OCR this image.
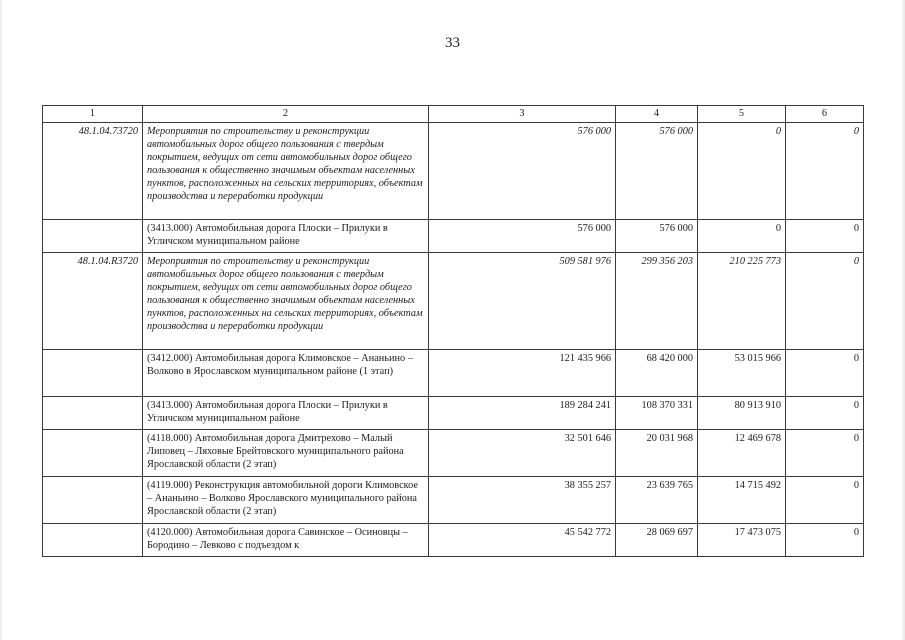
33
1	2	3	4	5	6
48.1.04.73720	Мероприятия по строительству и реконструкции автомобильных дорог общего пользования с твердым покрытием, ведущих от сети автомобильных дорог общего пользования к общественно значимым объектам населенных пунктов, расположенных на сельских территориях, объектам производства и переработки продукции	576 000	576 000	0	0
	(3413.000) Автомобильная дорога Плоски – Прилуки в Угличском муниципальном районе	576 000	576 000	0	0
48.1.04.R3720	Мероприятия по строительству и реконструкции автомобильных дорог общего пользования с твердым покрытием, ведущих от сети автомобильных дорог общего пользования к общественно значимым объектам населенных пунктов, расположенных на сельских территориях, объектам производства и переработки продукции	509 581 976	299 356 203	210 225 773	0
	(3412.000) Автомобильная дорога Климовское – Ананьино – Волково в Ярославском муниципальном районе (1 этап)	121 435 966	68 420 000	53 015 966	0
	(3413.000) Автомобильная дорога Плоски – Прилуки в Угличском муниципальном районе	189 284 241	108 370 331	80 913 910	0
	(4118.000) Автомобильная дорога Дмитрехово – Малый Липовец – Ляховые Брейтовского муниципального района Ярославской области (2 этап)	32 501 646	20 031 968	12 469 678	0
	(4119.000) Реконструкция автомобильной дороги Климовское – Ананьино – Волково Ярославского муниципального района Ярославской области (2 этап)	38 355 257	23 639 765	14 715 492	0
	(4120.000) Автомобильная дорога Савинское – Осиновцы – Бородино – Левково с подъездом к	45 542 772	28 069 697	17 473 075	0
